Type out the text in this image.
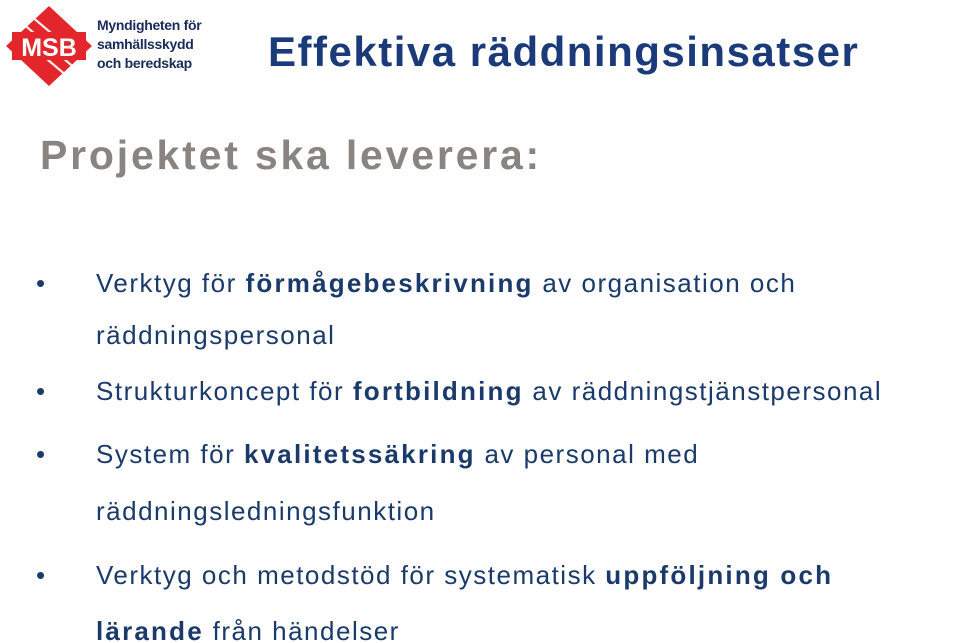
MSB
Myndigheten för
samhällsskydd
och beredskap Effektiva räddningsinsatser
Projektet ska leverera:
• Verktyg för förmågebeskrivning av organisation och
räddningspersonal
• Strukturkoncept för fortbildning av räddningstjänstpersonal
• System för kvalitetssäkring av personal med
räddningsledningsfunktion
• Verktyg och metodstöd för systematisk uppföljning och
lärande från händelser
